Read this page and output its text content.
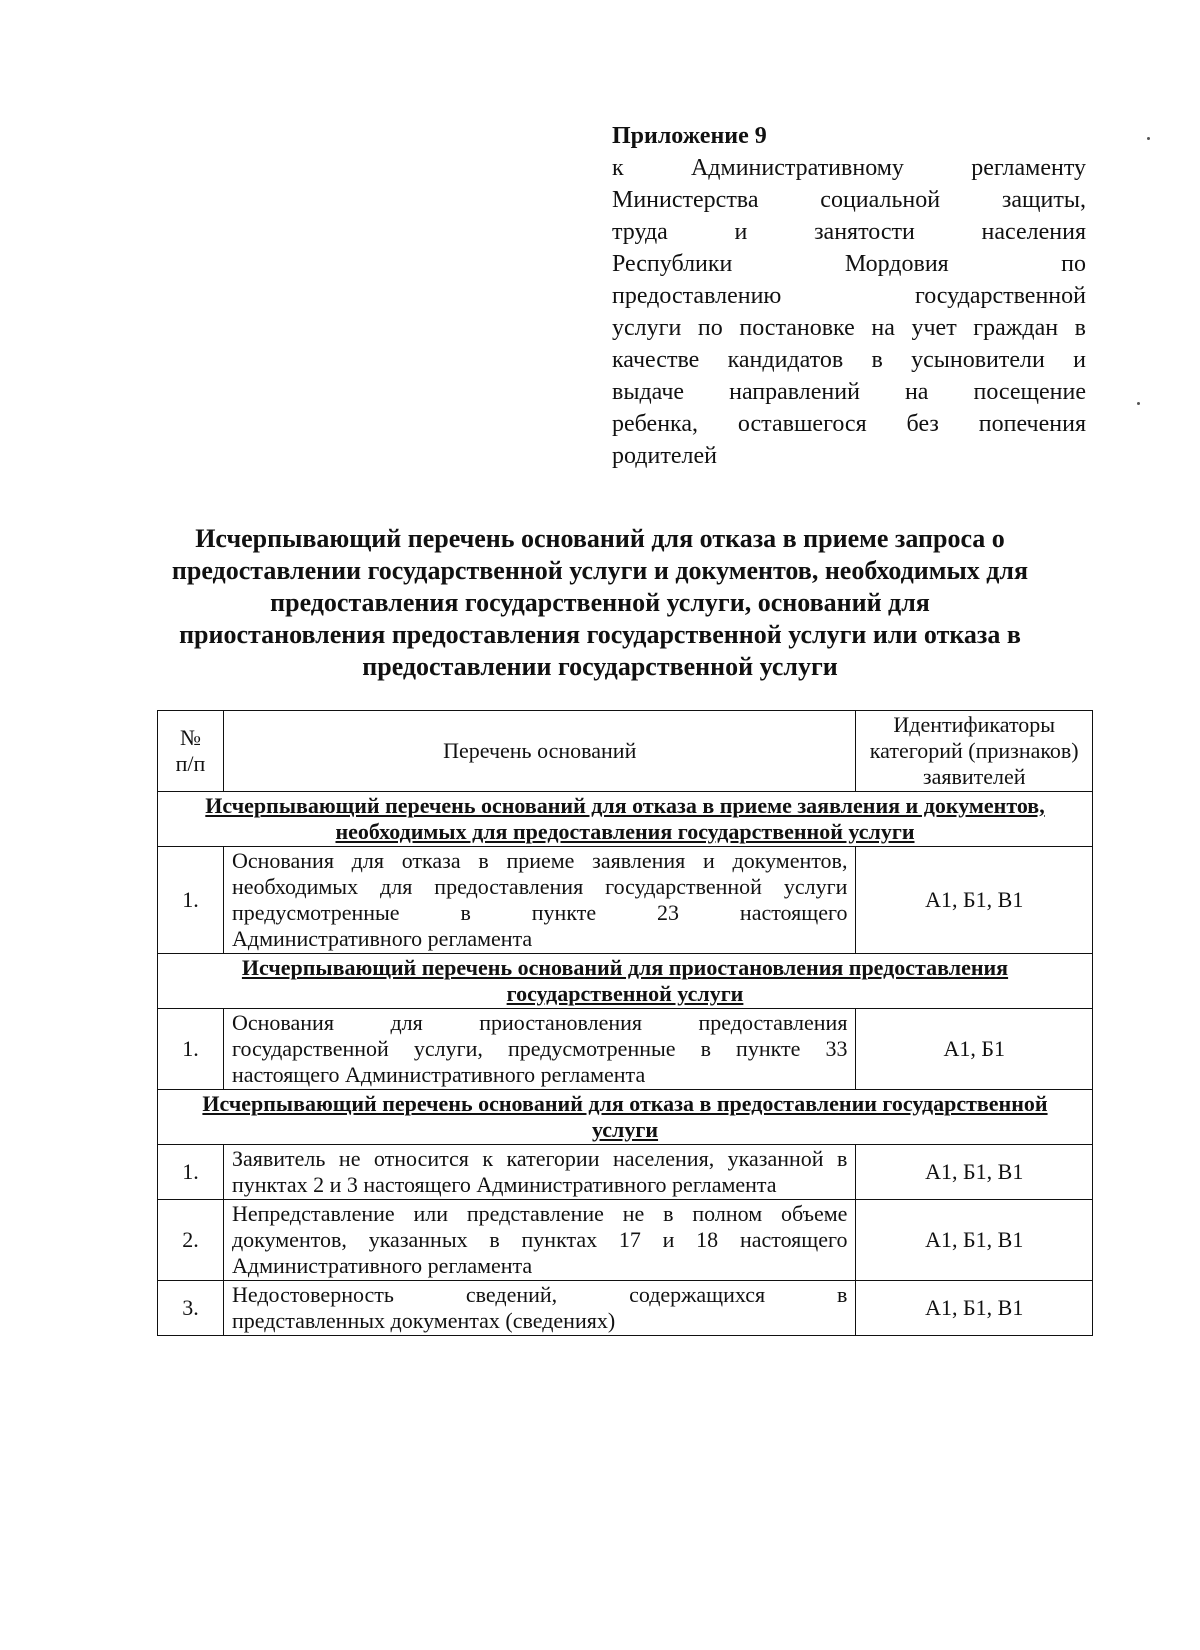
Приложение 9
к Административному регламенту
Министерства социальной защиты,
труда и занятости населения
Республики Мордовия по
предоставлению государственной
услуги по постановке на учет граждан в
качестве кандидатов в усыновители и
выдаче направлений на посещение
ребенка, оставшегося без попечения
родителей
Исчерпывающий перечень оснований для отказа в приеме запроса о
предоставлении государственной услуги и документов, необходимых для
предоставления государственной услуги, оснований для
приостановления предоставления государственной услуги или отказа в
предоставлении государственной услуги
№
п/п	Перечень оснований	Идентификаторы
категорий (признаков)
заявителей

Исчерпывающий перечень оснований для отказа в приеме заявления и документов,
необходимых для предоставления государственной услуги		
1.	Основания для отказа в приеме заявления и документов,
необходимых для предоставления государственной услуги
предусмотренные в пункте 23 настоящего
Административного регламента	А1, Б1, В1
Исчерпывающий перечень оснований для приостановления предоставления
государственной услуги		
1.	Основания для приостановления предоставления
государственной услуги, предусмотренные в пункте 33
настоящего Административного регламента	А1, Б1
Исчерпывающий перечень оснований для отказа в предоставлении государственной
услуги		
1.	Заявитель не относится к категории населения, указанной в
пунктах 2 и 3 настоящего Административного регламента	А1, Б1, В1
2.	Непредставление или представление не в полном объеме
документов, указанных в пунктах 17 и 18 настоящего
Административного регламента	А1, Б1, В1
3.	Недостоверность сведений, содержащихся в
представленных документах (сведениях)	А1, Б1, В1
